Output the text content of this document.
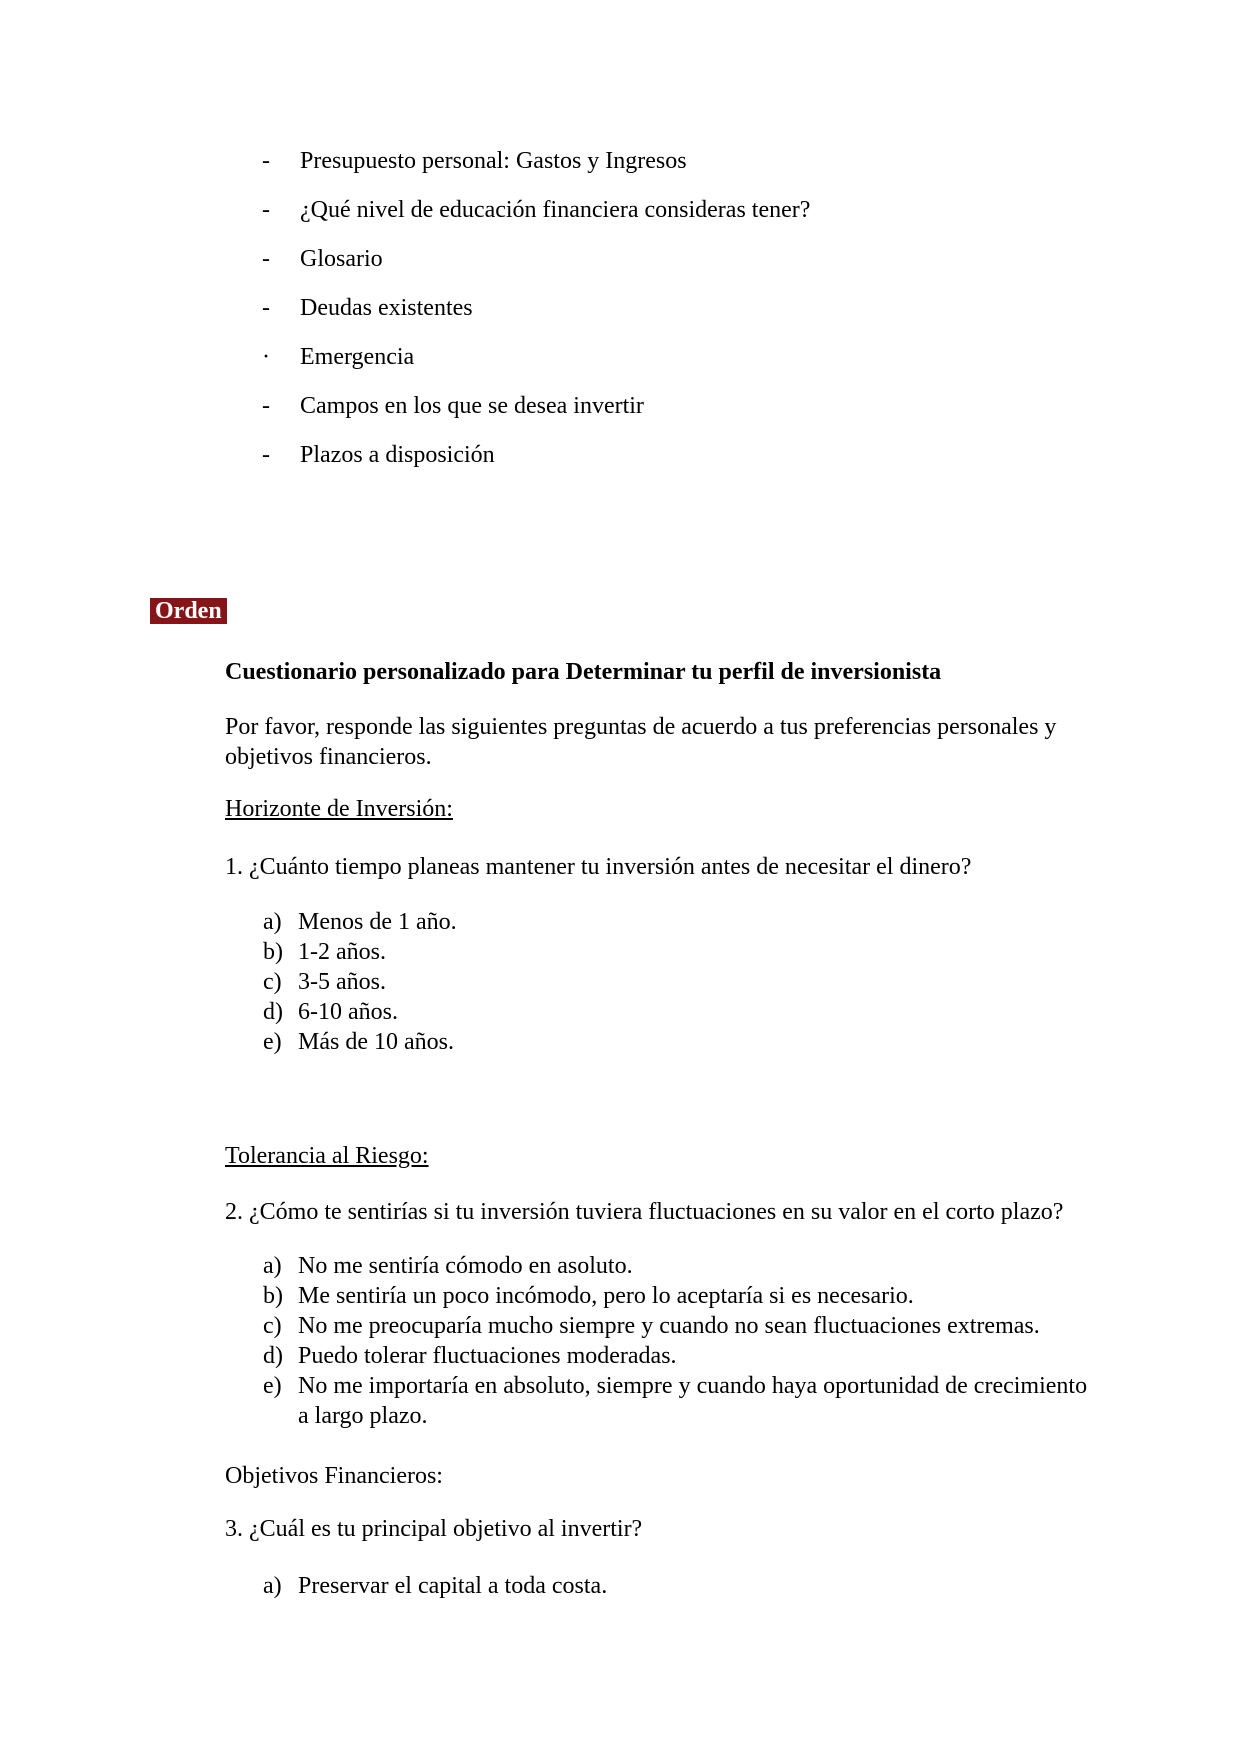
-	Presupuesto personal: Gastos y Ingresos
-	¿Qué nivel de educación financiera consideras tener?
-	Glosario
-	Deudas existentes
·	Emergencia
-	Campos en los que se desea invertir
-	Plazos a disposición
Orden
Cuestionario personalizado para Determinar tu perfil de inversionista
Por favor, responde las siguientes preguntas de acuerdo a tus preferencias personales y objetivos financieros.
Horizonte de Inversión:
1. ¿Cuánto tiempo planeas mantener tu inversión antes de necesitar el dinero?
a) Menos de 1 año.
b) 1-2 años.
c) 3-5 años.
d) 6-10 años.
e) Más de 10 años.
Tolerancia al Riesgo:
2. ¿Cómo te sentirías si tu inversión tuviera fluctuaciones en su valor en el corto plazo?
a) No me sentiría cómodo en asoluto.
b) Me sentiría un poco incómodo, pero lo aceptaría si es necesario.
c) No me preocuparía mucho siempre y cuando no sean fluctuaciones extremas.
d) Puedo tolerar fluctuaciones moderadas.
e) No me importaría en absoluto, siempre y cuando haya oportunidad de crecimiento a largo plazo.
Objetivos Financieros:
3. ¿Cuál es tu principal objetivo al invertir?
a) Preservar el capital a toda costa.
